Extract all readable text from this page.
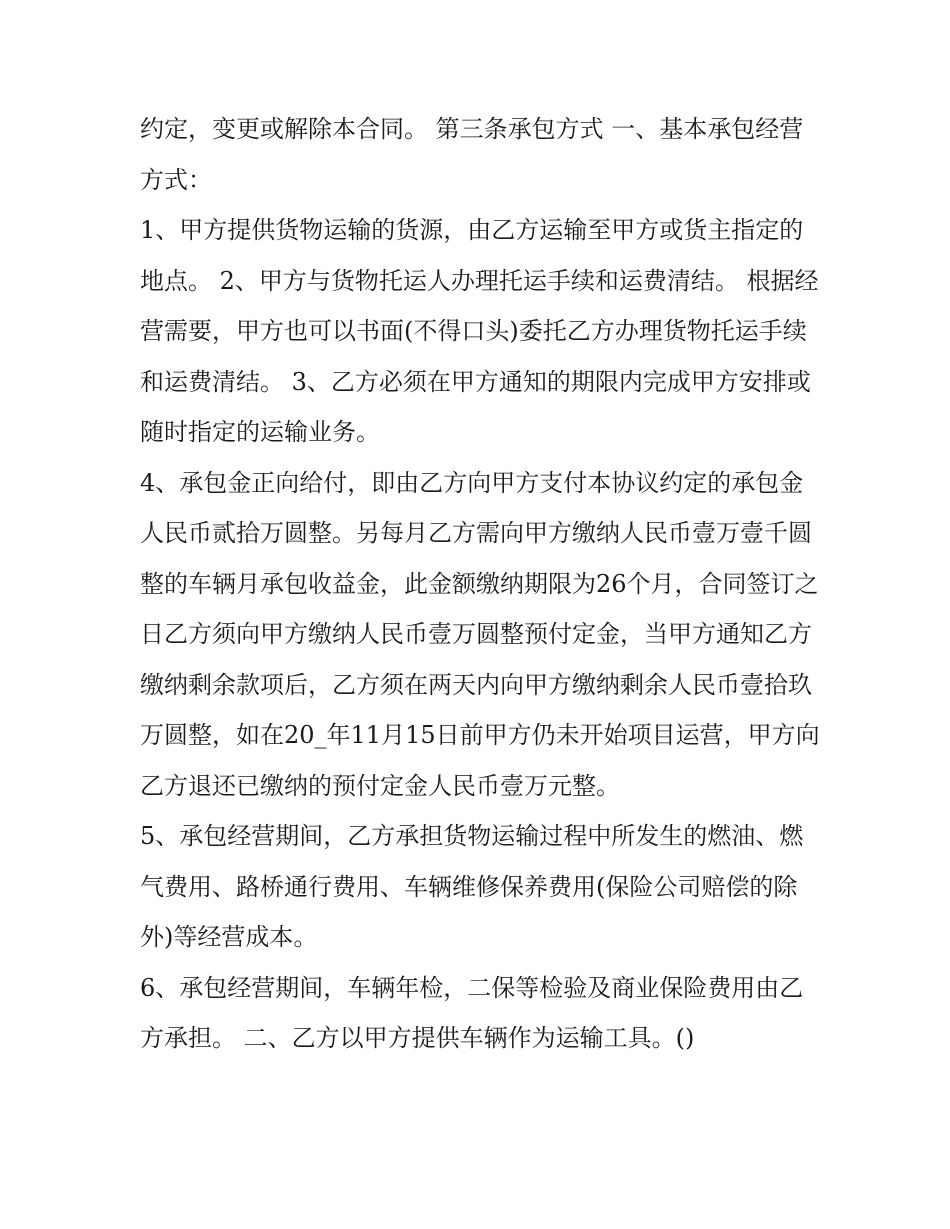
约定，变更或解除本合同。 第三条承包方式 一、基本承包经营方式：

1、甲方提供货物运输的货源，由乙方运输至甲方或货主指定的地点。 2、甲方与货物托运人办理托运手续和运费清结。 根据经营需要，甲方也可以书面(不得口头)委托乙方办理货物托运手续和运费清结。 3、乙方必须在甲方通知的期限内完成甲方安排或随时指定的运输业务。

4、承包金正向给付，即由乙方向甲方支付本协议约定的承包金人民币贰拾万圆整。另每月乙方需向甲方缴纳人民币壹万壹千圆整的车辆月承包收益金，此金额缴纳期限为26个月，合同签订之日乙方须向甲方缴纳人民币壹万圆整预付定金，当甲方通知乙方缴纳剩余款项后，乙方须在两天内向甲方缴纳剩余人民币壹拾玖万圆整，如在20_年11月15日前甲方仍未开始项目运营，甲方向乙方退还已缴纳的预付定金人民币壹万元整。

5、承包经营期间，乙方承担货物运输过程中所发生的燃油、燃气费用、路桥通行费用、车辆维修保养费用(保险公司赔偿的除外)等经营成本。

6、承包经营期间，车辆年检，二保等检验及商业保险费用由乙方承担。 二、乙方以甲方提供车辆作为运输工具。()
